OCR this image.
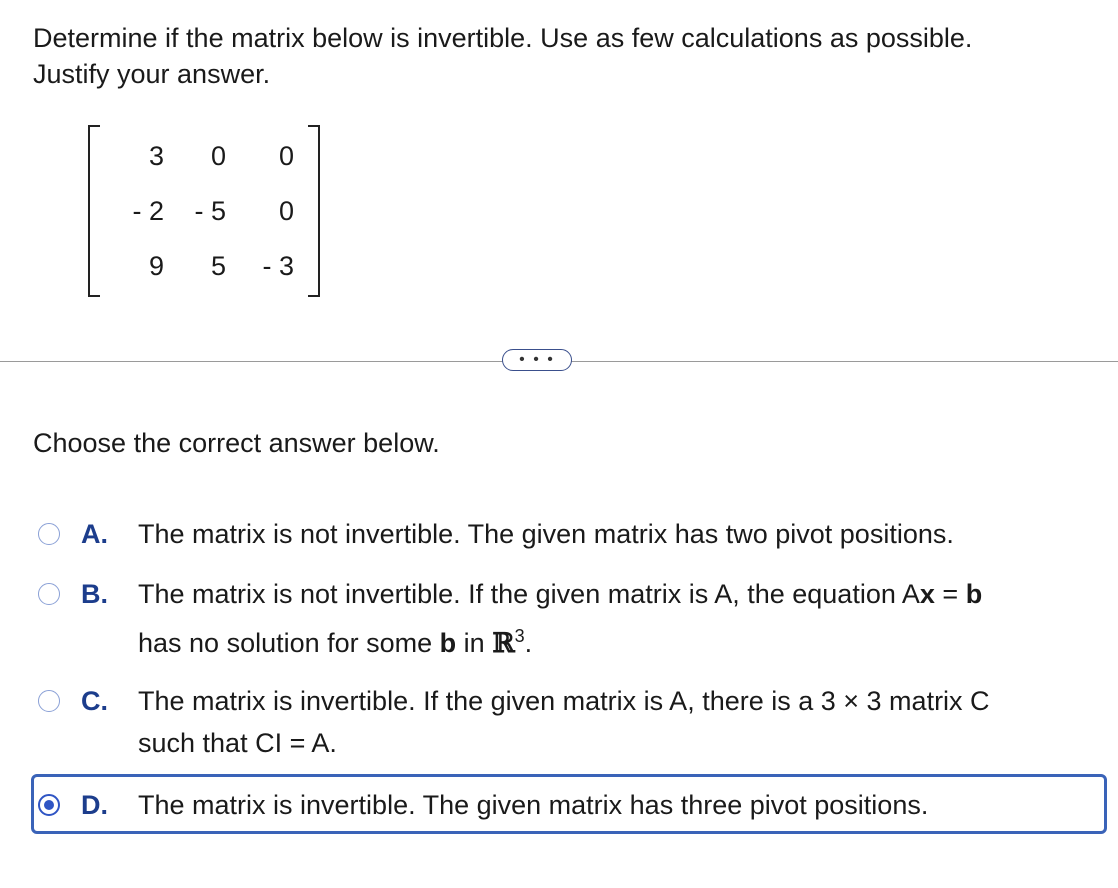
Determine if the matrix below is invertible. Use as few calculations as possible.
Justify your answer.
3	0	0
- 2	- 5	0
9	5	- 3
• • •
Choose the correct answer below.
A. The matrix is not invertible. The given matrix has two pivot positions.
B. The matrix is not invertible. If the given matrix is A, the equation Ax = b
has no solution for some b in ℝ$^3$.
C. The matrix is invertible. If the given matrix is A, there is a 3 × 3 matrix C
such that CI = A.
D. The matrix is invertible. The given matrix has three pivot positions.
